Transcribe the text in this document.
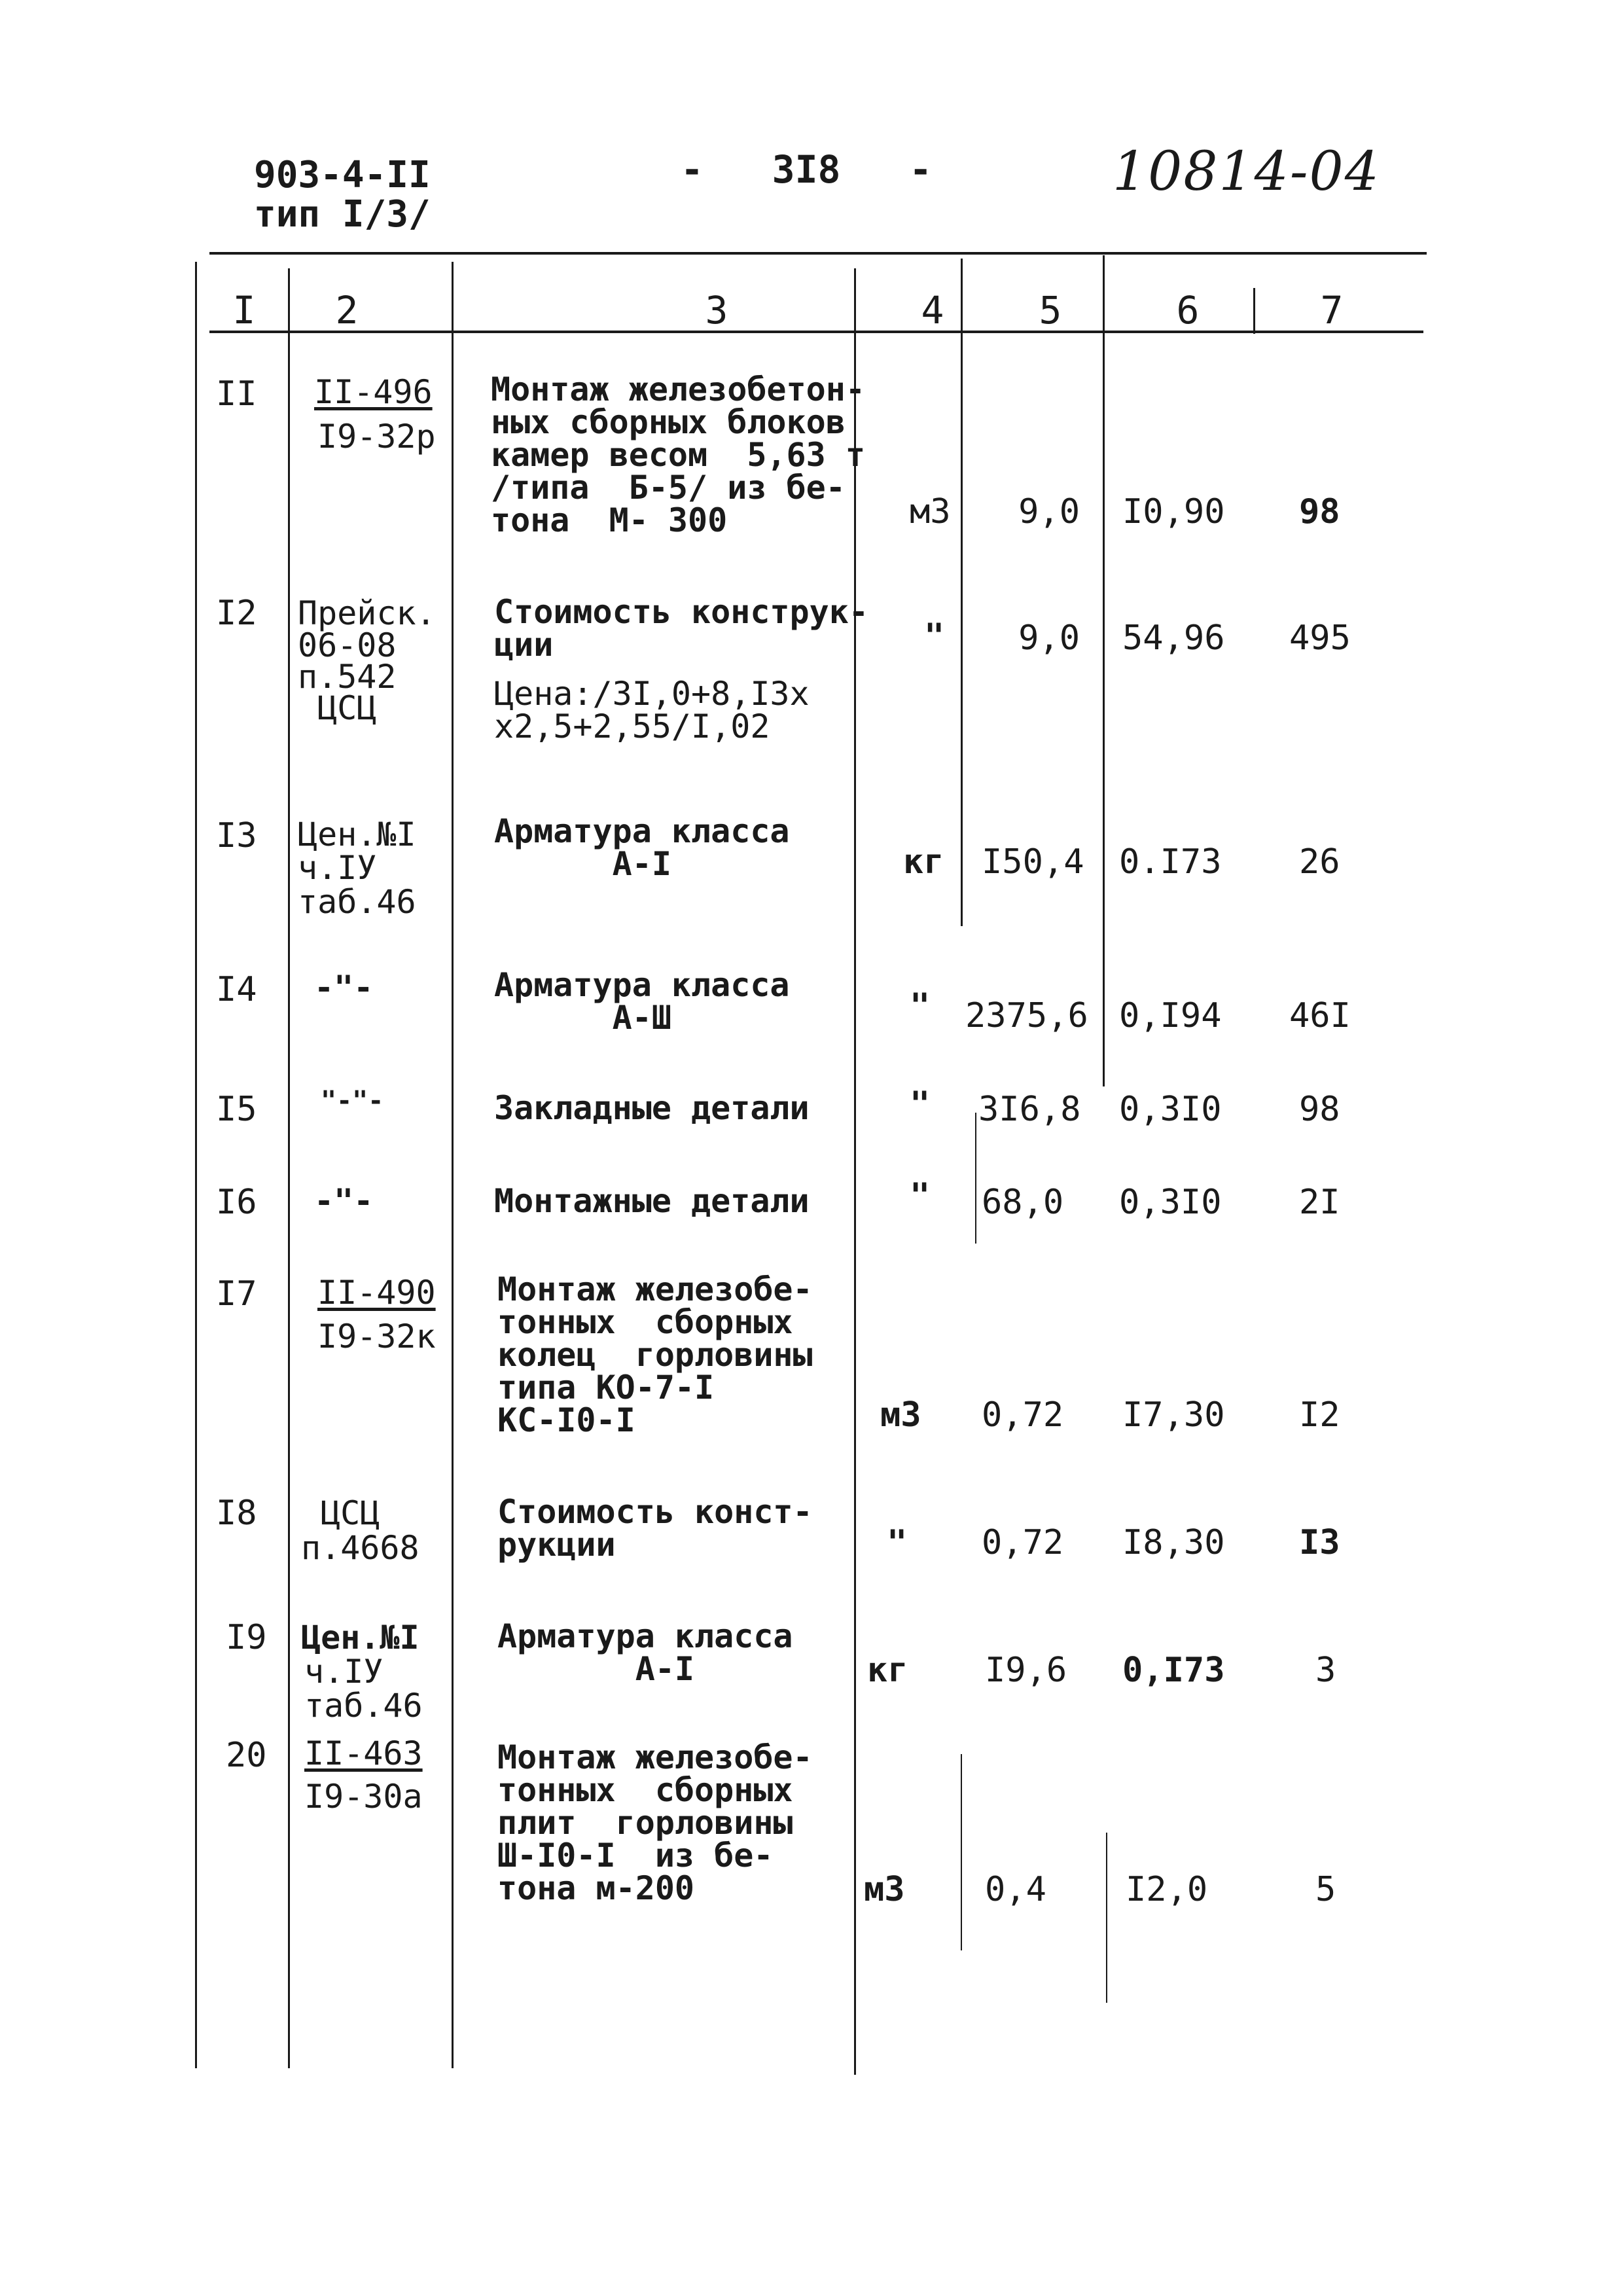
903-4-II
тип I/3/
-   3I8   -	10814-04
I	2	3	4	5	6	7
II II-496
I9-32р
Монтаж железобетон-
ных сборных блоков
камер весом  5,63 т
/типа  Б-5/ из бе-
тона  М- 300	м3	9,0 I0,90 98
I2 Прейск.
06-08
п.542
ЦСЦ
Стоимость конструк-
ции
Цена:/3I,0+8,I3x
x2,5+2,55/I,02
"	9,0 54,96 495
I3 Цен.№I
ч.IУ
таб.46
Арматура класса
А-I	кг I50,4 0.I73 26
I4 -"-	Арматура класса
А-Ш	" 2375,6 0,I94 46I
I5 "-"-	Закладные детали	" 3I6,8 0,3I0 98
I6 -"-	Монтажные детали	" 68,0 0,3I0 2I
I7 II-490
I9-32к
Монтаж железобе-
тонных  сборных
колец  горловины
типа КО-7-I
КС-I0-I	м3 0,72 I7,30 I2
I8 ЦСЦ
п.4668
Стоимость конст-
рукции	" 0,72 I8,30 I3
I9 Цен.№I
ч.IУ
таб.46
Арматура класса
А-I	кг I9,6 0,I73	3
20 II-463
I9-30а
Монтаж железобе-
тонных  сборных
плит  горловины
Ш-I0-I  из бе-
тона м-200	м3 0,4 I2,0	5
